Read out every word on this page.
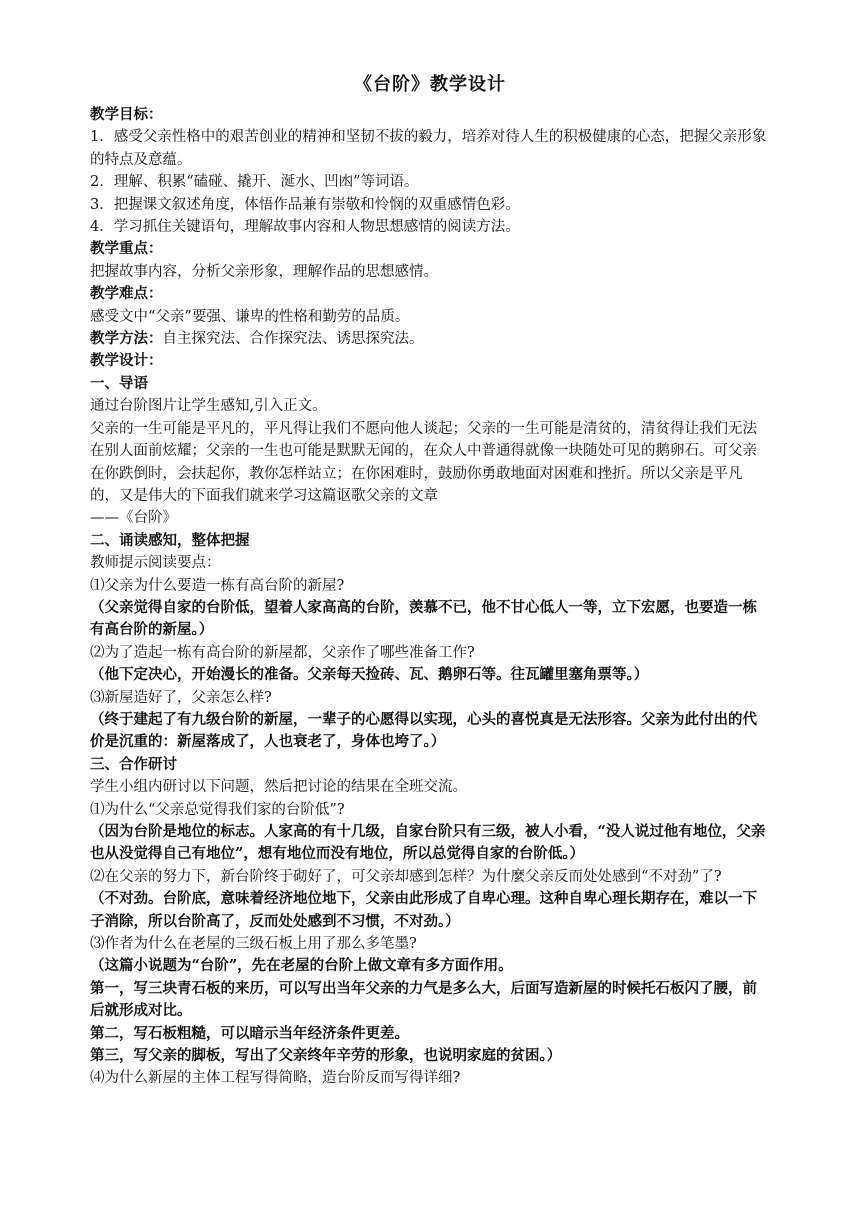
《台阶》教学设计

教学目标：

1．感受父亲性格中的艰苦创业的精神和坚韧不拔的毅力，培养对待人生的积极健康的心态，把握父亲形象的特点及意蕴。

2．理解、积累“磕碰、撬开、涎水、凹凼”等词语。

3．把握课文叙述角度，体悟作品兼有崇敬和怜悯的双重感情色彩。

4．学习抓住关键语句，理解故事内容和人物思想感情的阅读方法。

教学重点：

把握故事内容，分析父亲形象，理解作品的思想感情。

教学难点：

感受文中“父亲”要强、谦卑的性格和勤劳的品质。

教学方法：自主探究法、合作探究法、诱思探究法。

教学设计：

一、导语

通过台阶图片让学生感知,引入正文。

父亲的一生可能是平凡的，平凡得让我们不愿向他人谈起；父亲的一生可能是清贫的，清贫得让我们无法在别人面前炫耀；父亲的一生也可能是默默无闻的，在众人中普通得就像一块随处可见的鹅卵石。可父亲在你跌倒时，会扶起你，教你怎样站立；在你困难时，鼓励你勇敢地面对困难和挫折。所以父亲是平凡的，又是伟大的下面我们就来学习这篇讴歌父亲的文章

——《台阶》

二、诵读感知，整体把握

教师提示阅读要点：

⑴父亲为什么要造一栋有高台阶的新屋?

（父亲觉得自家的台阶低，望着人家高高的台阶，羡慕不已，他不甘心低人一等，立下宏愿，也要造一栋有高台阶的新屋。）

⑵为了造起一栋有高台阶的新屋都，父亲作了哪些准备工作?

（他下定决心，开始漫长的准备。父亲每天捡砖、瓦、鹅卵石等。往瓦罐里塞角票等。）

⑶新屋造好了，父亲怎么样?

（终于建起了有九级台阶的新屋，一辈子的心愿得以实现，心头的喜悦真是无法形容。父亲为此付出的代价是沉重的：新屋落成了，人也衰老了，身体也垮了。）

三、合作研讨

学生小组内研讨以下问题，然后把讨论的结果在全班交流。

⑴为什么“父亲总觉得我们家的台阶低”?

（因为台阶是地位的标志。人家高的有十几级，自家台阶只有三级，被人小看，“没人说过他有地位，父亲也从没觉得自己有地位”，想有地位而没有地位，所以总觉得自家的台阶低。）

⑵在父亲的努力下，新台阶终于砌好了，可父亲却感到怎样？为什麼父亲反而处处感到“不对劲”了?

（不对劲。台阶底，意味着经济地位地下，父亲由此形成了自卑心理。这种自卑心理长期存在，难以一下子消除，所以台阶高了，反而处处感到不习惯，不对劲。）

⑶作者为什么在老屋的三级石板上用了那么多笔墨?

（这篇小说题为“台阶”，先在老屋的台阶上做文章有多方面作用。

第一，写三块青石板的来历，可以写出当年父亲的力气是多么大，后面写造新屋的时候托石板闪了腰，前后就形成对比。

第二，写石板粗糙，可以暗示当年经济条件更差。

第三，写父亲的脚板，写出了父亲终年辛劳的形象，也说明家庭的贫困。）

⑷为什么新屋的主体工程写得简略，造台阶反而写得详细?
